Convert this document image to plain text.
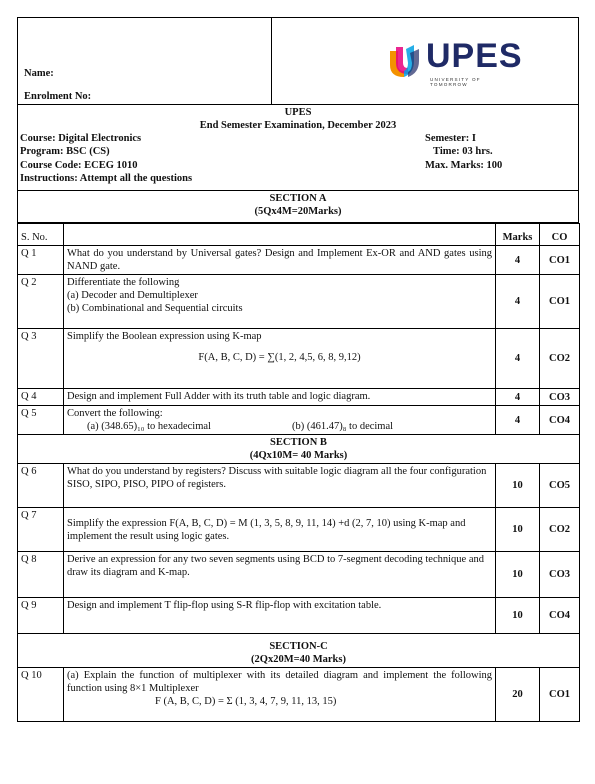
Name:
Enrolment No:
UPES
UNIVERSITY OF TOMORROW
UPES
End Semester Examination, December 2023
Course: Digital Electronics
Program: BSC (CS)
Course Code: ECEG 1010
Instructions: Attempt all the questions
Semester: I
Time: 03 hrs.
Max. Marks: 100
SECTION A
(5Qx4M=20Marks)
S. No.		Marks	CO
Q 1	What do you understand by Universal gates? Design and Implement Ex-OR and AND gates using NAND gate.	4	CO1
Q 2	Differentiate the following
(a) Decoder and Demultiplexer
(b) Combinational and Sequential circuits	4	CO1
Q 3	Simplify the Boolean expression using K-map
F(A, B, C, D) = ∑(1, 2, 4,5, 6, 8, 9,12)	4	CO2
Q 4	Design and implement Full Adder with its truth table and logic diagram.	4	CO3
Q 5	Convert the following:
(a) (348.65)₁₀ to hexadecimal (b) (461.47)₈ to decimal	4	CO4

SECTION B
(4Qx10M= 40 Marks)			

Q 6	What do you understand by registers? Discuss with suitable logic diagram all the four configuration SISO, SIPO, PISO, PIPO of registers.	10	CO5
Q 7	Simplify the expression F(A, B, C, D) = M (1, 3, 5, 8, 9, 11, 14) +d (2, 7, 10) using K-map and implement the result using logic gates.	10	CO2
Q 8	Derive an expression for any two seven segments using BCD to 7-segment decoding technique and draw its diagram and K-map.	10	CO3
Q 9	Design and implement T flip-flop using S-R flip-flop with excitation table.	10	CO4

SECTION-C
(2Qx20M=40 Marks)			

Q 10	(a) Explain the function of multiplexer with its detailed diagram and implement the following function using 8×1 Multiplexer
F (A, B, C, D) = Σ (1, 3, 4, 7, 9, 11, 13, 15)	20	CO1
